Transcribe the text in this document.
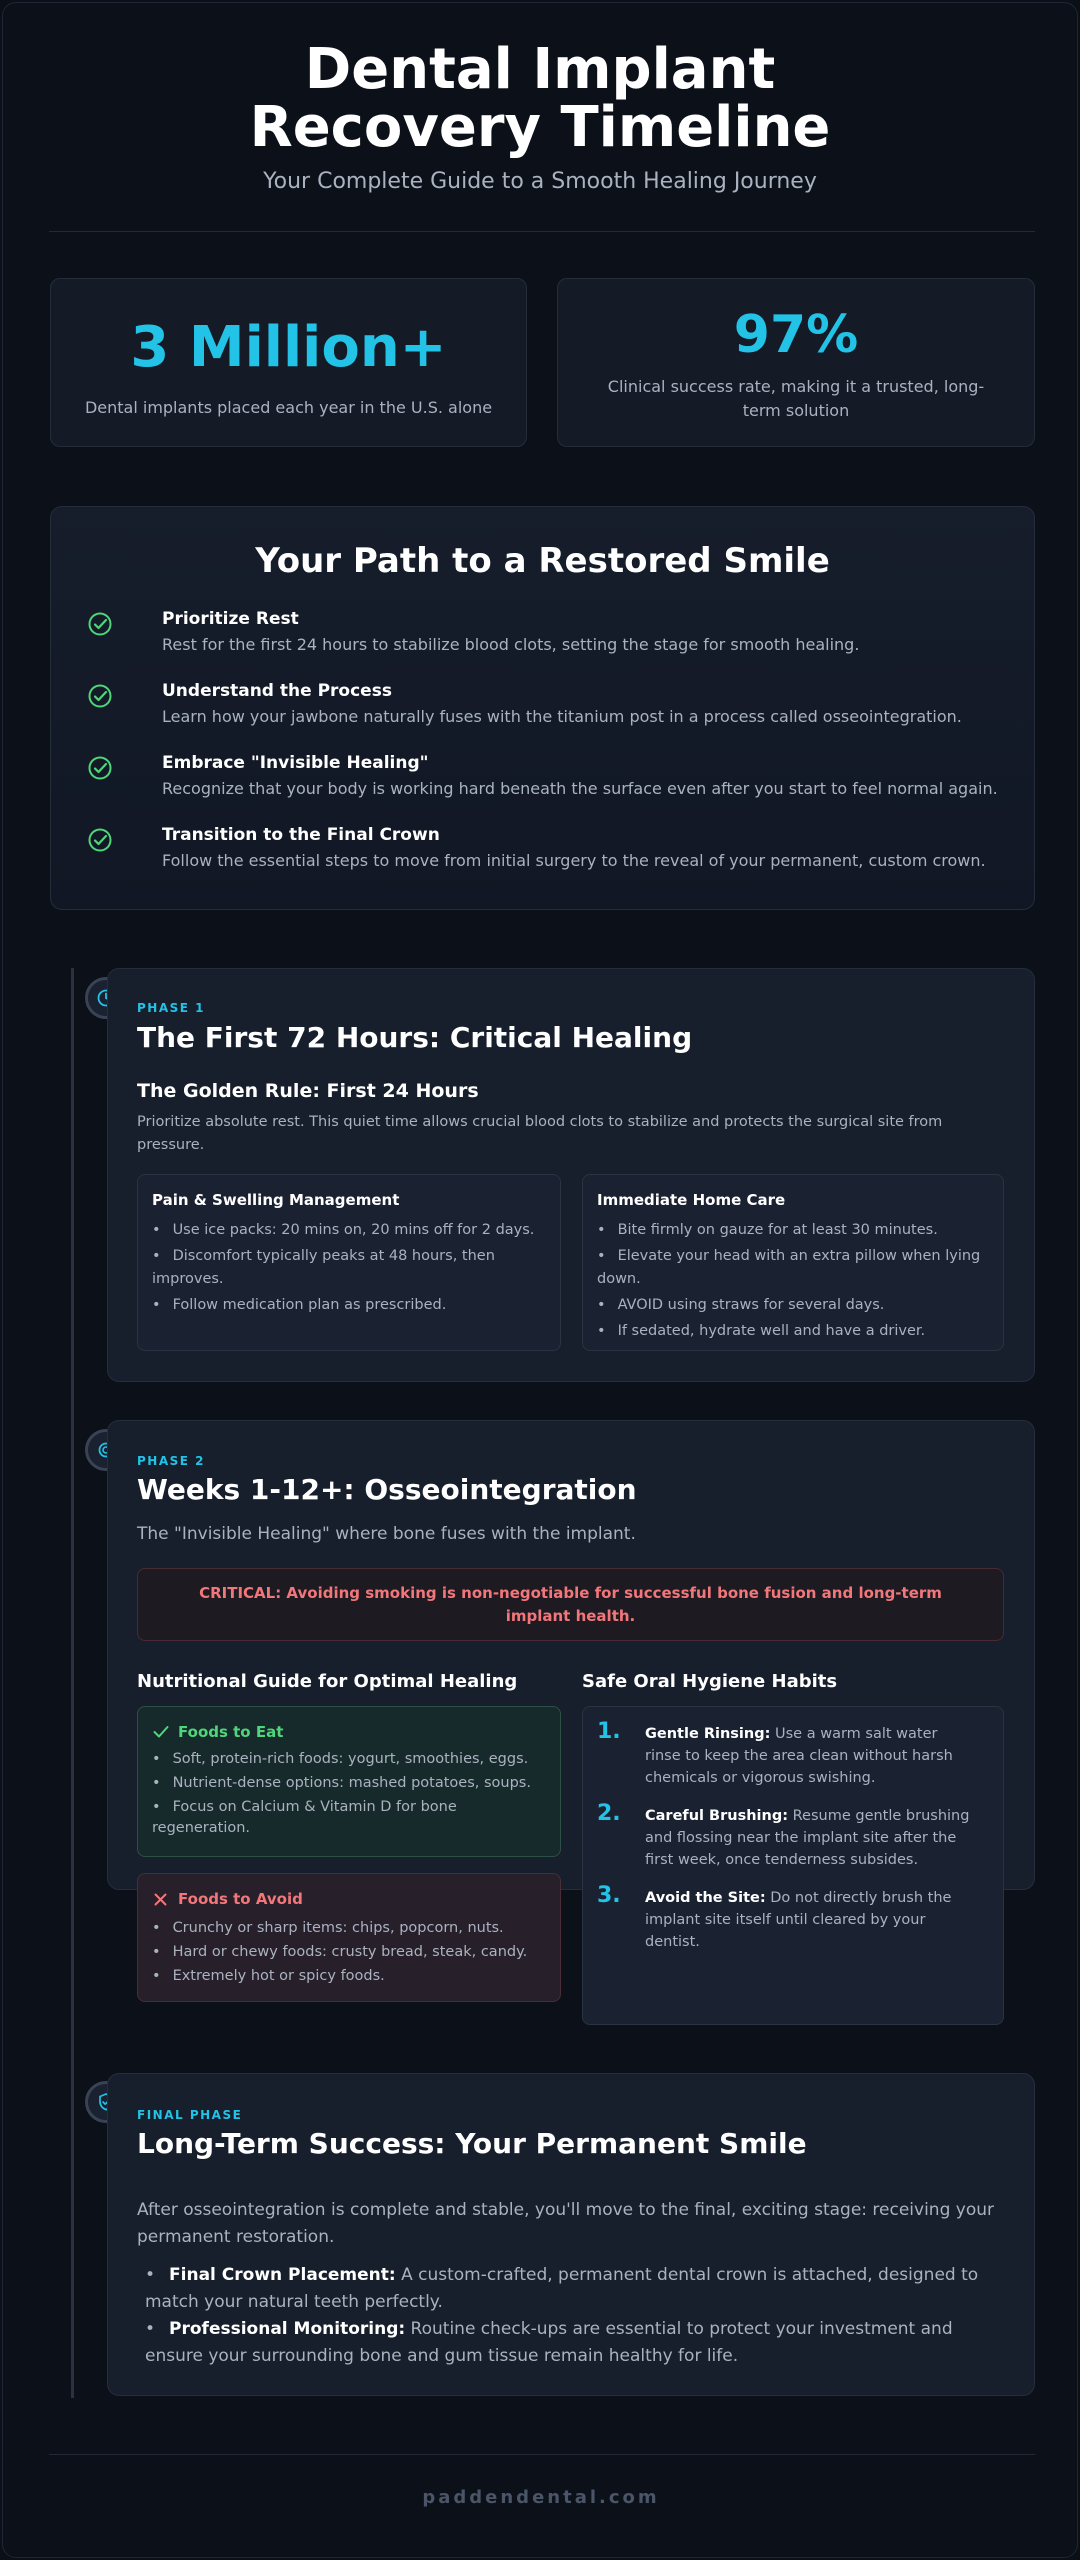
Dental Implant Recovery Timeline
Your Complete Guide to a Smooth Healing Journey
3 Million+
Dental implants placed each year in the U.S. alone
97%
Clinical success rate, making it a trusted, long-term solution
Your Path to a Restored Smile
Prioritize Rest
Rest for the first 24 hours to stabilize blood clots, setting the stage for smooth healing.
Understand the Process
Learn how your jawbone naturally fuses with the titanium post in a process called osseointegration.
Embrace "Invisible Healing"
Recognize that your body is working hard beneath the surface even after you start to feel normal again.
Transition to the Final Crown
Follow the essential steps to move from initial surgery to the reveal of your permanent, custom crown.
PHASE 1
The First 72 Hours: Critical Healing
The Golden Rule: First 24 Hours
Prioritize absolute rest. This quiet time allows crucial blood clots to stabilize and protects the surgical site from pressure.
Pain & Swelling Management
• Use ice packs: 20 mins on, 20 mins off for 2 days.
• Discomfort typically peaks at 48 hours, then improves.
• Follow medication plan as prescribed.
Immediate Home Care
• Bite firmly on gauze for at least 30 minutes.
• Elevate your head with an extra pillow when lying down.
• AVOID using straws for several days.
• If sedated, hydrate well and have a driver.
PHASE 2
Weeks 1-12+: Osseointegration
The "Invisible Healing" where bone fuses with the implant.
CRITICAL: Avoiding smoking is non-negotiable for successful bone fusion and long-term implant health.
Nutritional Guide for Optimal Healing
Foods to Eat
• Soft, protein-rich foods: yogurt, smoothies, eggs.
• Nutrient-dense options: mashed potatoes, soups.
• Focus on Calcium & Vitamin D for bone regeneration.
Foods to Avoid
• Crunchy or sharp items: chips, popcorn, nuts.
• Hard or chewy foods: crusty bread, steak, candy.
• Extremely hot or spicy foods.
Safe Oral Hygiene Habits
1. Gentle Rinsing: Use a warm salt water rinse to keep the area clean without harsh chemicals or vigorous swishing.
2. Careful Brushing: Resume gentle brushing and flossing near the implant site after the first week, once tenderness subsides.
3. Avoid the Site: Do not directly brush the implant site itself until cleared by your dentist.
FINAL PHASE
Long-Term Success: Your Permanent Smile
After osseointegration is complete and stable, you'll move to the final, exciting stage: receiving your permanent restoration.
• Final Crown Placement: A custom-crafted, permanent dental crown is attached, designed to match your natural teeth perfectly.
• Professional Monitoring: Routine check-ups are essential to protect your investment and ensure your surrounding bone and gum tissue remain healthy for life.
paddendental.com
